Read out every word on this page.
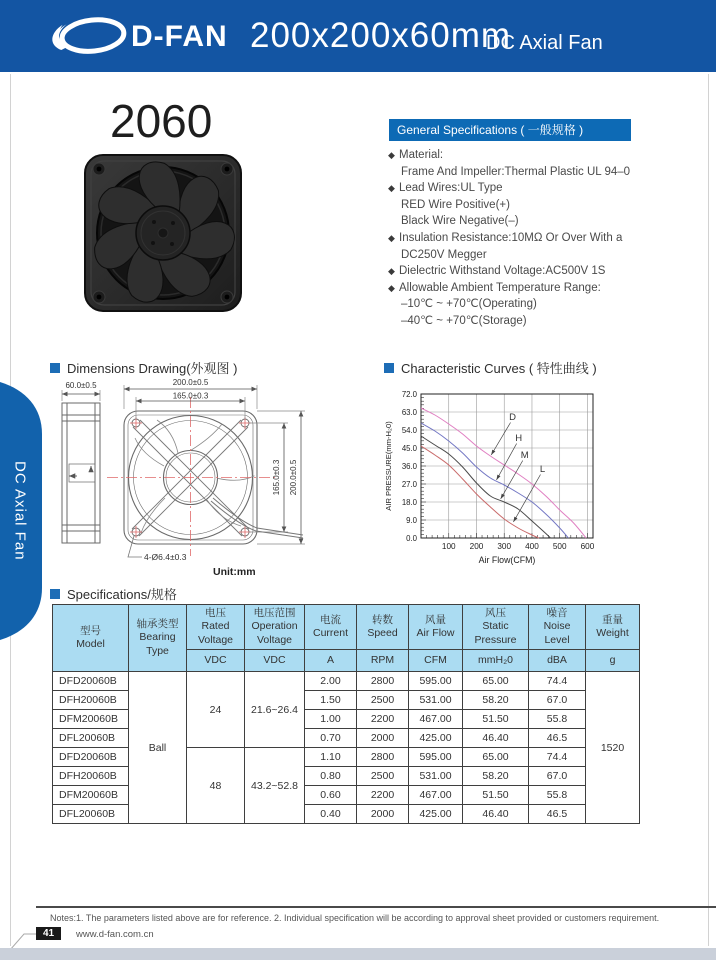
D-FAN 200x200x60mm
DC Axial Fan
2060	General Specifications ( 一般规格 )
◆ Material:
Frame And Impeller:Thermal Plastic UL 94–0
◆ Lead Wires:UL Type
RED Wire Positive(+)
Black Wire Negative(–)
◆ Insulation Resistance:10MΩ Or Over With a
DC250V Megger
◆ Dielectric Withstand Voltage:AC500V 1S
◆ Allowable Ambient Temperature Range:
–10℃ ~ +70℃(Operating)
–40℃ ~ +70℃(Storage)
Dimensions Drawing(外观图 )	Characteristic Curves ( 特性曲线 )
60.0±0.5	200.0±0.5
165.0±0.3
165.0±0.3 200.0±0.5
4-Ø6.4±0.3
Unit:mm
0.0
9.0
18.0
27.0
36.0
45.0
54.0
63.0
72.0
100 200 300 400 500 600
AIR PRESSURE(mm-H₂0)
Air Flow(CFM)
D
H
M
L
Specifications/规格
型号
Model	轴承类型
Bearing
Type	电压
Rated
Voltage	电压范围
Operation
Voltage	电流
Current	转数
Speed	风量
Air Flow	风压
Static
Pressure	噪音
Noise Level	重量
Weight
		VDC	VDC	A	RPM	CFM	mmH₂0	dBA	g
DFD20060B	Ball	24	21.6~26.4	2.00	2800	595.00	65.00	74.4	1520
DFH20060B				1.50	2500	531.00	58.20	67.0	
DFM20060B				1.00	2200	467.00	51.50	55.8	
DFL20060B				0.70	2000	425.00	46.40	46.5	
DFD20060B		48	43.2~52.8	1.10	2800	595.00	65.00	74.4	
DFH20060B				0.80	2500	531.00	58.20	67.0	
DFM20060B				0.60	2200	467.00	51.50	55.8	
DFL20060B				0.40	2000	425.00	46.40	46.5	
Notes:1. The parameters listed above are for reference. 2. Individual specification will be according to approval sheet provided or customers requirement.
41	www.d-fan.com.cn
DC Axial Fan
